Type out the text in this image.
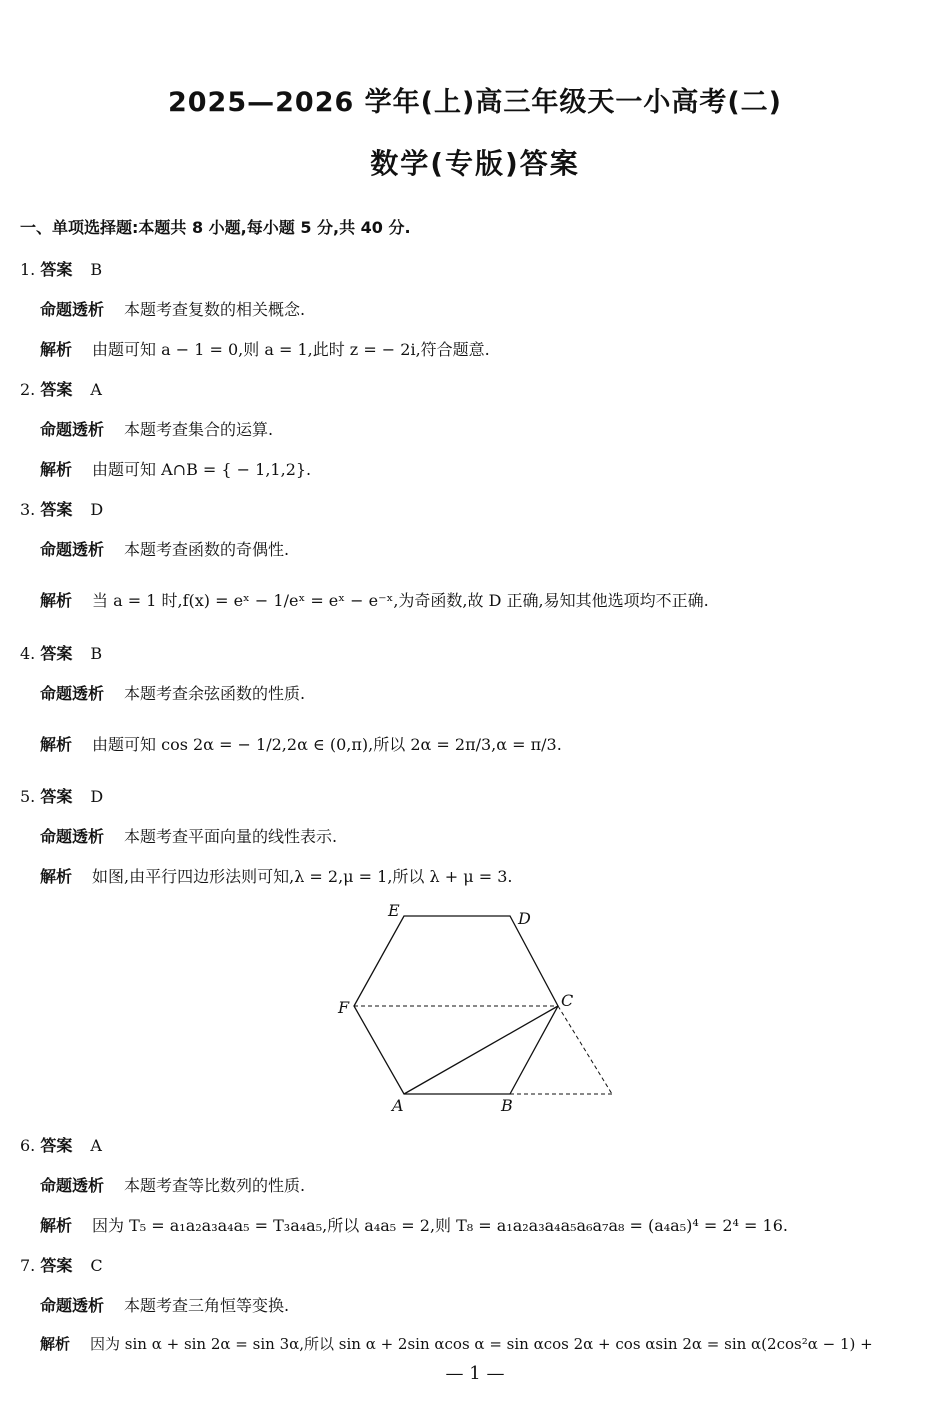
2025—2026 学年(上)高三年级天一小高考(二)
数学(专版)答案
一、单项选择题:本题共 8 小题,每小题 5 分,共 40 分.
1. 答案 B
命题透析 本题考查复数的相关概念.
解析 由题可知 a − 1 = 0,则 a = 1,此时 z = − 2i,符合题意.
2. 答案 A
命题透析 本题考查集合的运算.
解析 由题可知 A∩B = { − 1,1,2}.
3. 答案 D
命题透析 本题考查函数的奇偶性.
解析 当 a = 1 时,f(x) = eˣ − 1/eˣ = eˣ − e⁻ˣ,为奇函数,故 D 正确,易知其他选项均不正确.
4. 答案 B
命题透析 本题考查余弦函数的性质.
解析 由题可知 cos 2α = − 1/2,2α ∈ (0,π),所以 2α = 2π/3,α = π/3.
5. 答案 D
命题透析 本题考查平面向量的线性表示.
解析 如图,由平行四边形法则可知,λ = 2,μ = 1,所以 λ + μ = 3.
E	D
F	C
A	B
6. 答案 A
命题透析 本题考查等比数列的性质.
解析 因为 T₅ = a₁a₂a₃a₄a₅ = T₃a₄a₅,所以 a₄a₅ = 2,则 T₈ = a₁a₂a₃a₄a₅a₆a₇a₈ = (a₄a₅)⁴ = 2⁴ = 16.
7. 答案 C
命题透析 本题考查三角恒等变换.
解析 因为 sin α + sin 2α = sin 3α,所以 sin α + 2sin αcos α = sin αcos 2α + cos αsin 2α = sin α(2cos²α − 1) +
— 1 —
